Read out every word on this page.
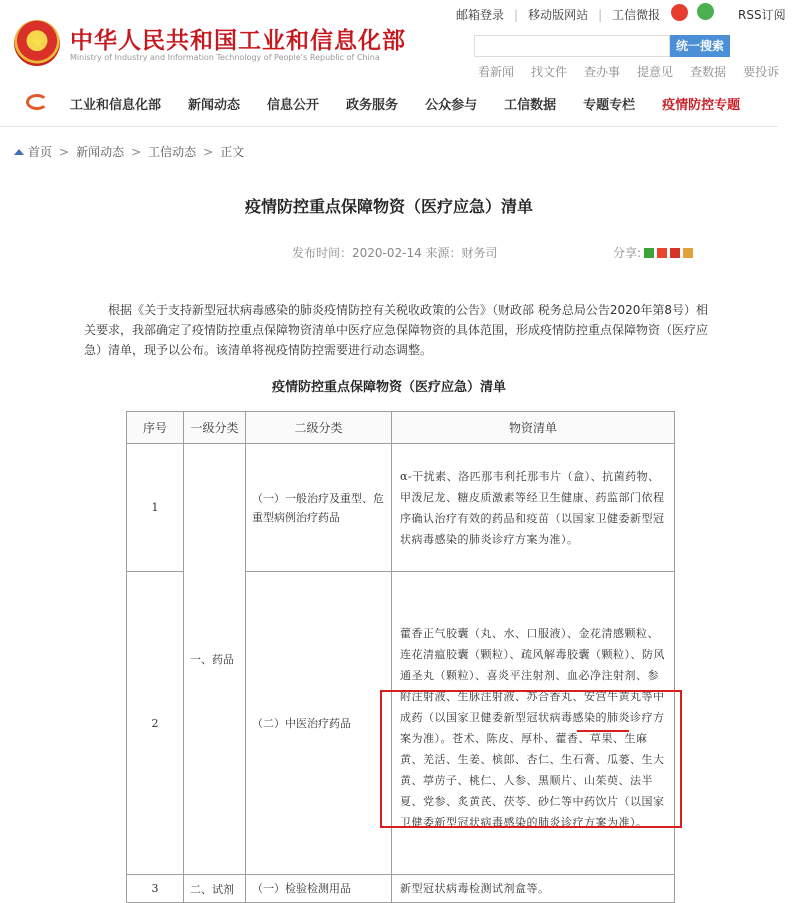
★	中华人民共和国工业和信息化部
Ministry of Industry and Information Technology of People’s Republic of China
邮箱登录 | 移动版网站 | 工信微报	RSS订阅
统一搜索
看新闻 找文件 查办事 提意见 查数据 要投诉
工业和信息化部 新闻动态 信息公开 政务服务 公众参与 工信数据 专题专栏 疫情防控专题
首页 > 新闻动态 > 工信动态 > 正文
疫情防控重点保障物资（医疗应急）清单
发布时间：2020-02-14 来源：财务司	分享:
根据《关于支持新型冠状病毒感染的肺炎疫情防控有关税收政策的公告》（财政部 税务总局公告2020年第8号）相关要求，我部确定了疫情防控重点保障物资清单中医疗应急保障物资的具体范围，形成疫情防控重点保障物资（医疗应急）清单，现予以公布。该清单将视疫情防控需要进行动态调整。
疫情防控重点保障物资（医疗应急）清单
序号	一级分类	二级分类	物资清单
1	一、药品	（一）一般治疗及重型、危重型病例治疗药品	α-干扰素、洛匹那韦利托那韦片（盒）、抗菌药物、甲泼尼龙、糖皮质激素等经卫生健康、药监部门依程序确认治疗有效的药品和疫苗（以国家卫健委新型冠状病毒感染的肺炎诊疗方案为准）。
2		（二）中医治疗药品	藿香正气胶囊（丸、水、口服液）、金花清感颗粒、连花清瘟胶囊（颗粒）、疏风解毒胶囊（颗粒）、防风通圣丸（颗粒）、喜炎平注射剂、血必净注射剂、参附注射液、生脉注射液、苏合香丸、安宫牛黄丸等中成药（以国家卫健委新型冠状病毒感染的肺炎诊疗方案为准）。苍术、陈皮、厚朴、藿香、草果、生麻黄、羌活、生姜、槟郎、杏仁、生石膏、瓜蒌、生大黄、葶苈子、桃仁、人参、黑顺片、山茱萸、法半夏、党参、炙黄芪、茯苓、砂仁等中药饮片（以国家卫健委新型冠状病毒感染的肺炎诊疗方案为准）。
3	二、试剂	（一）检验检测用品	新型冠状病毒检测试剂盒等。
